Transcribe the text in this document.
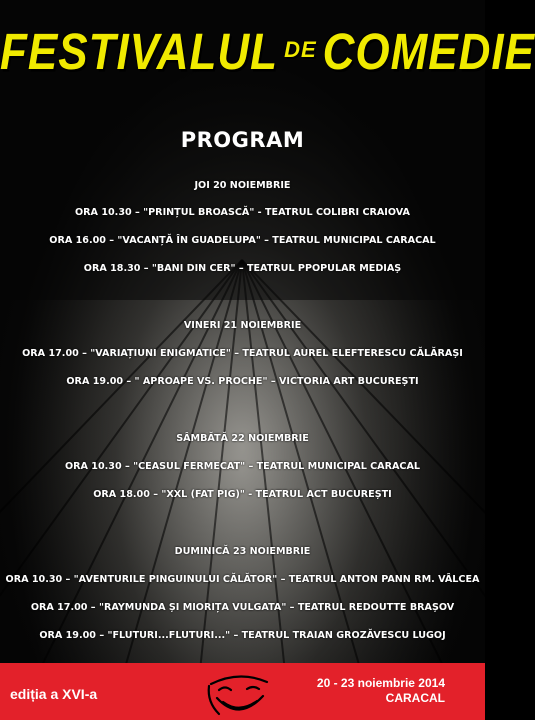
FESTIVALUL DE COMEDIE
PROGRAM
JOI 20 NOIEMBRIE
ORA 10.30 – "PRINȚUL BROASCĂ" - TEATRUL COLIBRI CRAIOVA
ORA 16.00 – "VACANȚĂ ÎN GUADELUPA" – TEATRUL MUNICIPAL CARACAL
ORA 18.30 – "BANI DIN CER" – TEATRUL PPOPULAR MEDIAȘ
VINERI 21 NOIEMBRIE
ORA 17.00 – "VARIAȚIUNI ENIGMATICE" – TEATRUL AUREL ELEFTERESCU CĂLĂRAȘI
ORA 19.00 – " APROAPE VS. PROCHE" – VICTORIA ART BUCUREȘTI
SÂMBĂTĂ 22 NOIEMBRIE
ORA 10.30 – "CEASUL FERMECAT" – TEATRUL MUNICIPAL CARACAL
ORA 18.00 – "XXL (FAT PIG)" - TEATRUL ACT BUCUREȘTI
DUMINICĂ 23 NOIEMBRIE
ORA 10.30 – "AVENTURILE PINGUINULUI CĂLĂTOR" – TEATRUL ANTON PANN RM. VÂLCEA
ORA 17.00 – "RAYMUNDA ȘI MIORIȚA VULGATA" – TEATRUL REDOUTTE BRAȘOV
ORA 19.00 – "FLUTURI...FLUTURI..." – TEATRUL TRAIAN GROZĂVESCU LUGOJ
ediția a XVI-a
20 - 23 noiembrie 2014
CARACAL
